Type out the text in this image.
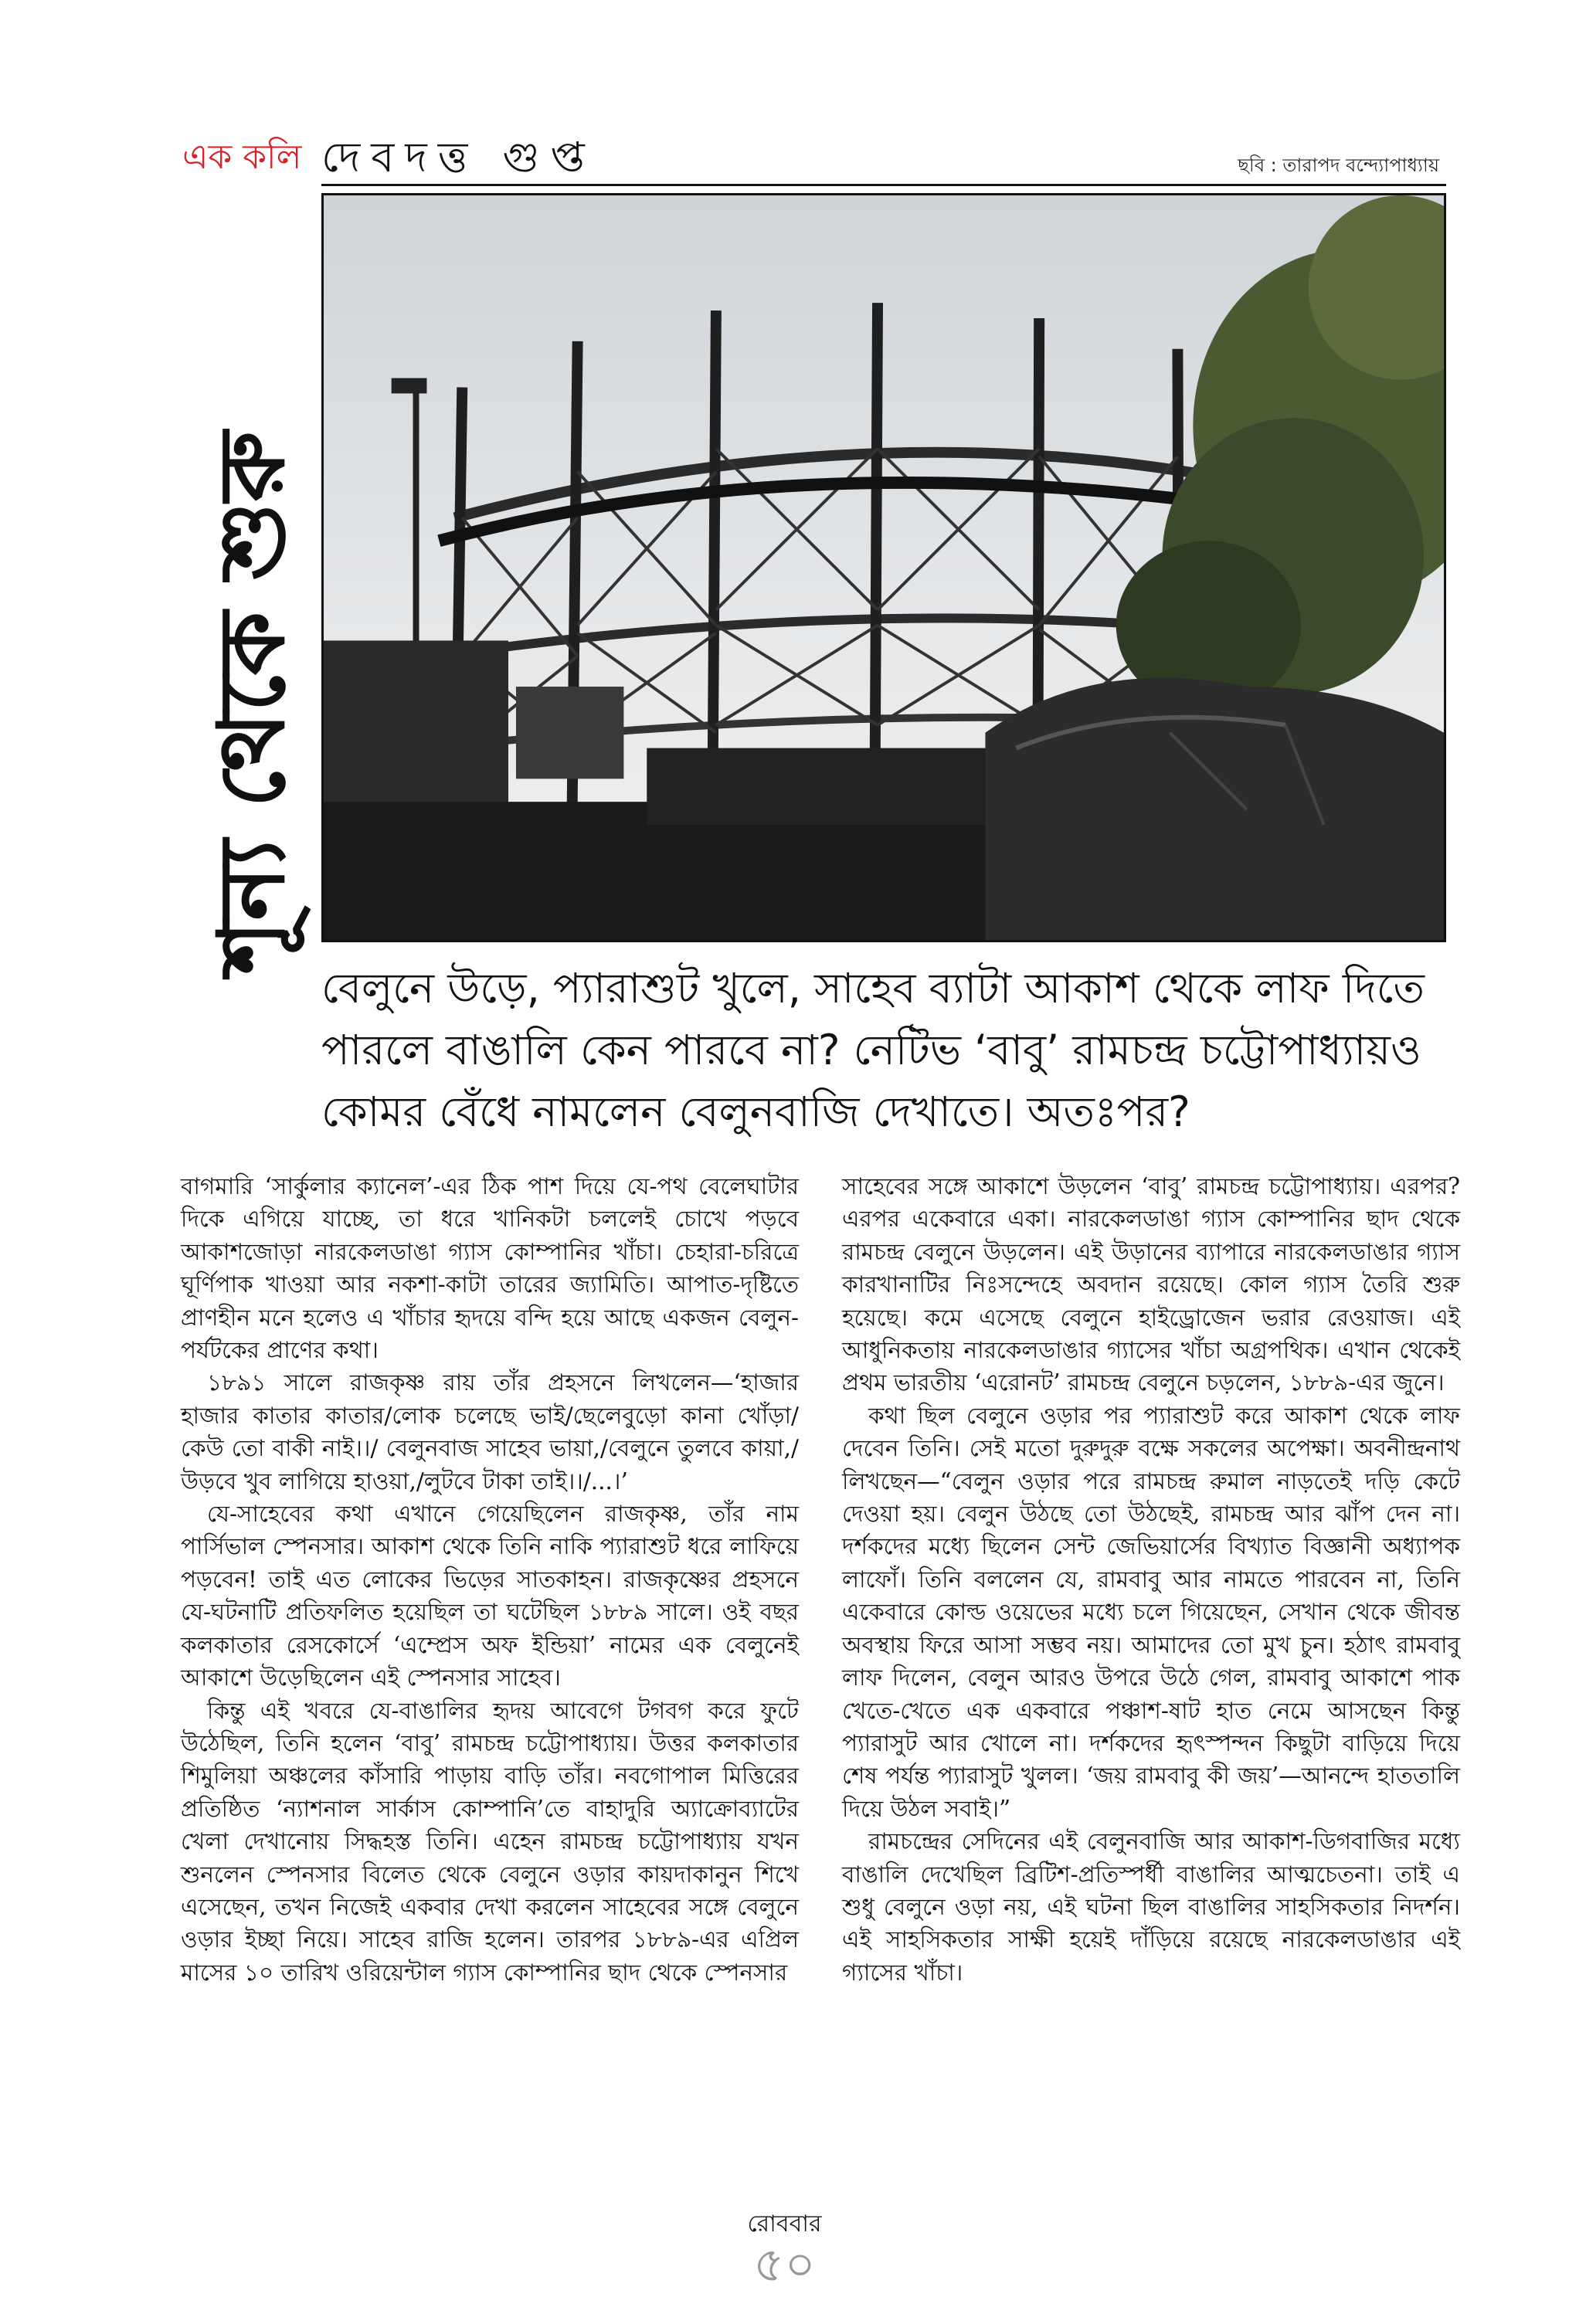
এক কলি দেবদত্ত গুপ্ত	ছবি : তারাপদ বন্দ্যোপাধ্যায়
শূন্য থেকে শুরু
বেলুনে উড়ে, প্যারাশুট খুলে, সাহেব ব্যাটা আকাশ থেকে লাফ দিতে পারলে বাঙালি কেন পারবে না? নেটিভ ‘বাবু’ রামচন্দ্র চট্টোপাধ্যায়ও কোমর বেঁধে নামলেন বেলুনবাজি দেখাতে। অতঃপর?

বাগমারি ‘সার্কুলার ক্যানেল’-এর ঠিক পাশ দিয়ে যে-পথ বেলেঘাটার দিকে এগিয়ে যাচ্ছে, তা ধরে খানিকটা চললেই চোখে পড়বে আকাশজোড়া নারকেলডাঙা গ্যাস কোম্পানির খাঁচা। চেহারা-চরিত্রে ঘূর্ণিপাক খাওয়া আর নকশা-কাটা তারের জ্যামিতি। আপাত-দৃষ্টিতে প্রাণহীন মনে হলেও এ খাঁচার হৃদয়ে বন্দি হয়ে আছে একজন বেলুন-পর্যটকের প্রাণের কথা।

১৮৯১ সালে রাজকৃষ্ণ রায় তাঁর প্রহসনে লিখলেন—‘হাজার হাজার কাতার কাতার/লোক চলেছে ভাই/ছেলেবুড়ো কানা খোঁড়া/কেউ তো বাকী নাই।।/ বেলুনবাজ সাহেব ভায়া,/বেলুনে তুলবে কায়া,/উড়বে খুব লাগিয়ে হাওয়া,/লুটবে টাকা তাই।।/...।’

যে-সাহেবের কথা এখানে গেয়েছিলেন রাজকৃষ্ণ, তাঁর নাম পার্সিভাল স্পেনসার। আকাশ থেকে তিনি নাকি প্যারাশুট ধরে লাফিয়ে পড়বেন! তাই এত লোকের ভিড়ের সাতকাহন। রাজকৃষ্ণের প্রহসনে যে-ঘটনাটি প্রতিফলিত হয়েছিল তা ঘটেছিল ১৮৮৯ সালে। ওই বছর কলকাতার রেসকোর্সে ‘এম্প্রেস অফ ইন্ডিয়া’ নামের এক বেলুনেই আকাশে উড়েছিলেন এই স্পেনসার সাহেব।

কিন্তু এই খবরে যে-বাঙালির হৃদয় আবেগে টগবগ করে ফুটে উঠেছিল, তিনি হলেন ‘বাবু’ রামচন্দ্র চট্টোপাধ্যায়। উত্তর কলকাতার শিমুলিয়া অঞ্চলের কাঁসারি পাড়ায় বাড়ি তাঁর। নবগোপাল মিত্তিরের প্রতিষ্ঠিত ‘ন্যাশনাল সার্কাস কোম্পানি’তে বাহাদুরি অ্যাক্রোব্যাটের খেলা দেখানোয় সিদ্ধহস্ত তিনি। এহেন রামচন্দ্র চট্টোপাধ্যায় যখন শুনলেন স্পেনসার বিলেত থেকে বেলুনে ওড়ার কায়দাকানুন শিখে এসেছেন, তখন নিজেই একবার দেখা করলেন সাহেবের সঙ্গে বেলুনে ওড়ার ইচ্ছা নিয়ে। সাহেব রাজি হলেন। তারপর ১৮৮৯-এর এপ্রিল মাসের ১০ তারিখ ওরিয়েন্টাল গ্যাস কোম্পানির ছাদ থেকে স্পেনসার

সাহেবের সঙ্গে আকাশে উড়লেন ‘বাবু’ রামচন্দ্র চট্টোপাধ্যায়। এরপর? এরপর একেবারে একা। নারকেলডাঙা গ্যাস কোম্পানির ছাদ থেকে রামচন্দ্র বেলুনে উড়লেন। এই উড়ানের ব্যাপারে নারকেলডাঙার গ্যাস কারখানাটির নিঃসন্দেহে অবদান রয়েছে। কোল গ্যাস তৈরি শুরু হয়েছে। কমে এসেছে বেলুনে হাইড্রোজেন ভরার রেওয়াজ। এই আধুনিকতায় নারকেলডাঙার গ্যাসের খাঁচা অগ্রপথিক। এখান থেকেই প্রথম ভারতীয় ‘এরোনট’ রামচন্দ্র বেলুনে চড়লেন, ১৮৮৯-এর জুনে।

কথা ছিল বেলুনে ওড়ার পর প্যারাশুট করে আকাশ থেকে লাফ দেবেন তিনি। সেই মতো দুরুদুরু বক্ষে সকলের অপেক্ষা। অবনীন্দ্রনাথ লিখছেন—“বেলুন ওড়ার পরে রামচন্দ্র রুমাল নাড়তেই দড়ি কেটে দেওয়া হয়। বেলুন উঠছে তো উঠছেই, রামচন্দ্র আর ঝাঁপ দেন না। দর্শকদের মধ্যে ছিলেন সেন্ট জেভিয়ার্সের বিখ্যাত বিজ্ঞানী অধ্যাপক লাফোঁ। তিনি বললেন যে, রামবাবু আর নামতে পারবেন না, তিনি একেবারে কোল্ড ওয়েভের মধ্যে চলে গিয়েছেন, সেখান থেকে জীবন্ত অবস্থায় ফিরে আসা সম্ভব নয়। আমাদের তো মুখ চুন। হঠাৎ রামবাবু লাফ দিলেন, বেলুন আরও উপরে উঠে গেল, রামবাবু আকাশে পাক খেতে-খেতে এক একবারে পঞ্চাশ-ষাট হাত নেমে আসছেন কিন্তু প্যারাসুট আর খোলে না। দর্শকদের হৃৎস্পন্দন কিছুটা বাড়িয়ে দিয়ে শেষ পর্যন্ত প্যারাসুট খুলল। ‘জয় রামবাবু কী জয়’—আনন্দে হাততালি দিয়ে উঠল সবাই।”

রামচন্দ্রের সেদিনের এই বেলুনবাজি আর আকাশ-ডিগবাজির মধ্যে বাঙালি দেখেছিল ব্রিটিশ-প্রতিস্পর্ধী বাঙালির আত্মচেতনা। তাই এ শুধু বেলুনে ওড়া নয়, এই ঘটনা ছিল বাঙালির সাহসিকতার নিদর্শন। এই সাহসিকতার সাক্ষী হয়েই দাঁড়িয়ে রয়েছে নারকেলডাঙার এই গ্যাসের খাঁচা।

রোববার
৫০
